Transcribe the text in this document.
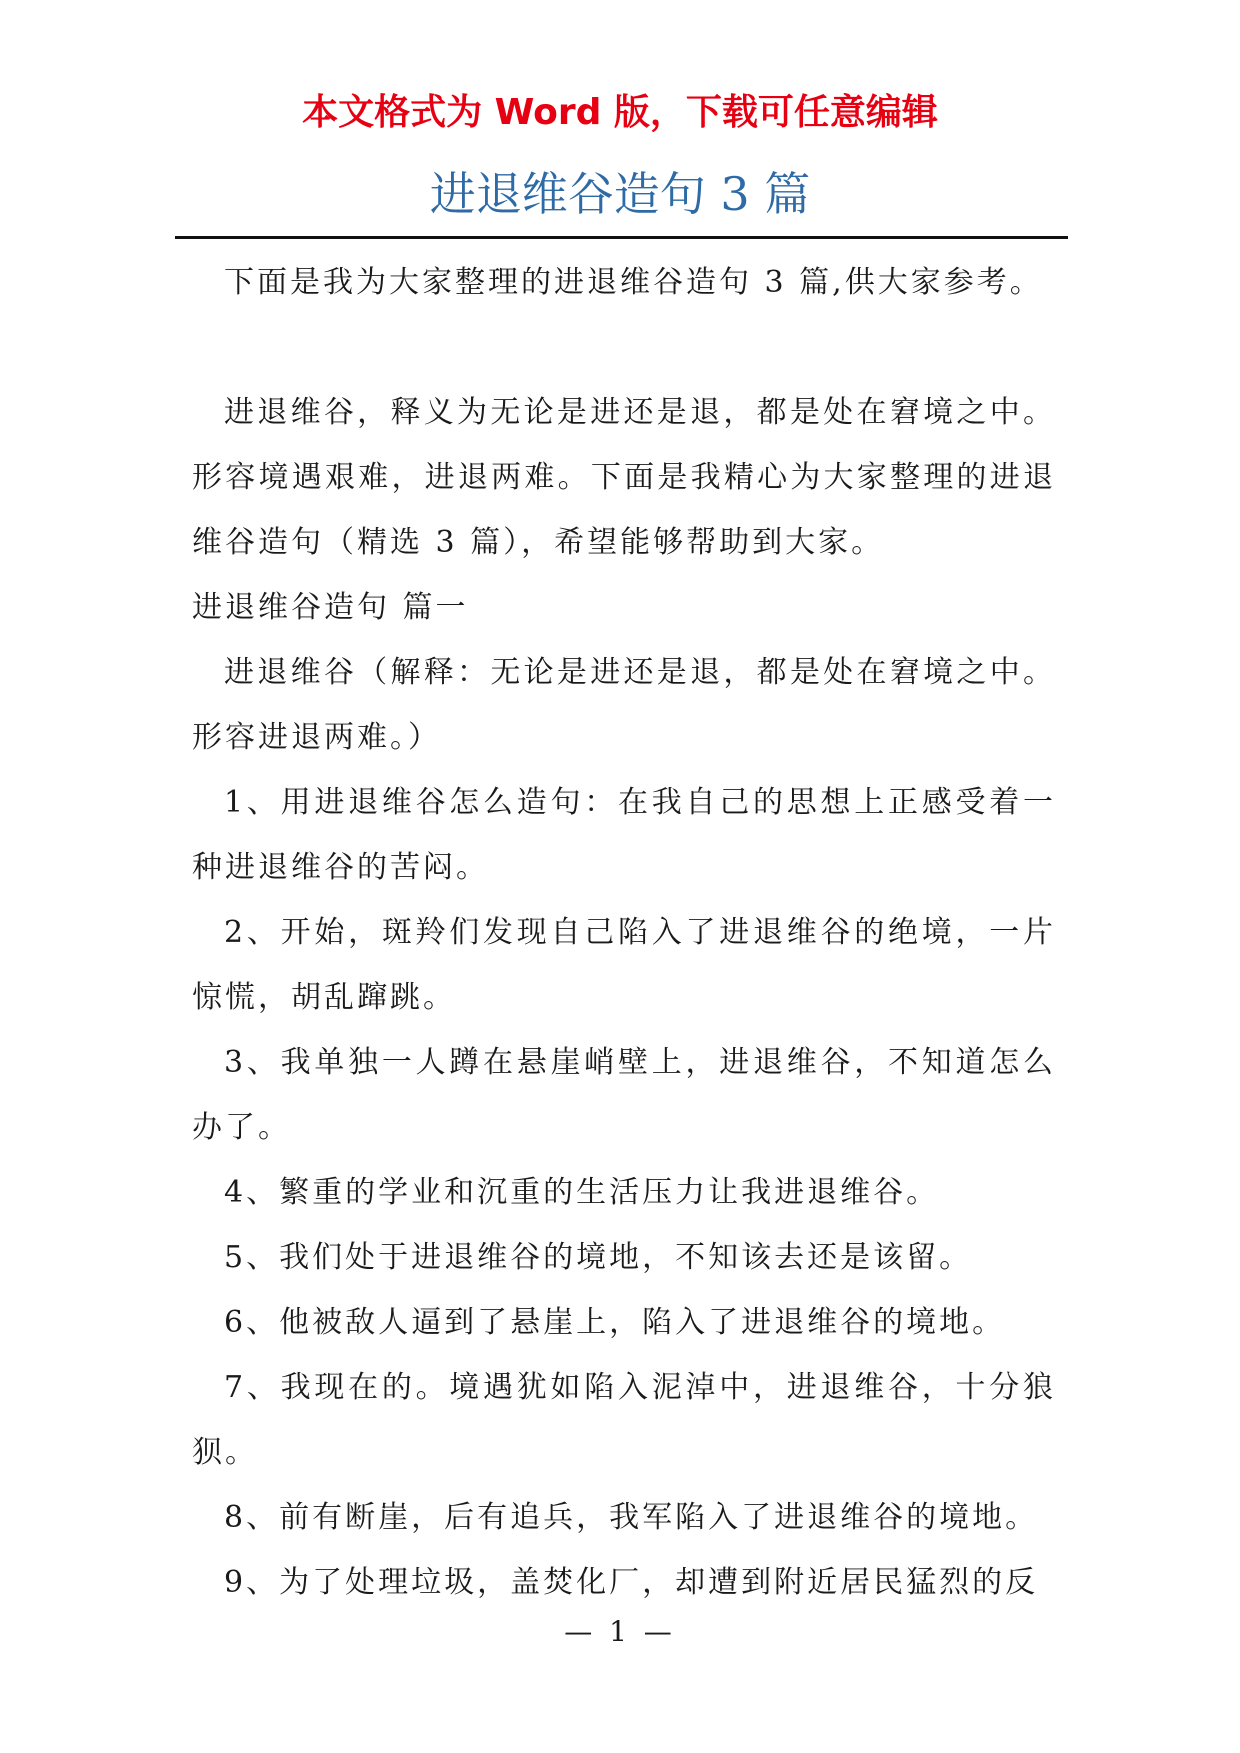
本文格式为 Word 版，下载可任意编辑
进退维谷造句 3 篇

下面是我为大家整理的进退维谷造句 3 篇,供大家参考。

进退维谷，释义为无论是进还是退，都是处在窘境之中。形容境遇艰难，进退两难。下面是我精心为大家整理的进退维谷造句（精选 3 篇），希望能够帮助到大家。

进退维谷造句 篇一

进退维谷（解释：无论是进还是退，都是处在窘境之中。形容进退两难。）

1、用进退维谷怎么造句：在我自己的思想上正感受着一种进退维谷的苦闷。

2、开始，斑羚们发现自己陷入了进退维谷的绝境，一片惊慌，胡乱蹿跳。

3、我单独一人蹲在悬崖峭壁上，进退维谷，不知道怎么办了。

4、繁重的学业和沉重的生活压力让我进退维谷。

5、我们处于进退维谷的境地，不知该去还是该留。

6、他被敌人逼到了悬崖上，陷入了进退维谷的境地。

7、我现在的。境遇犹如陷入泥淖中，进退维谷，十分狼狈。

8、前有断崖，后有追兵，我军陷入了进退维谷的境地。

9、为了处理垃圾，盖焚化厂，却遭到附近居民猛烈的反

— 1 —
